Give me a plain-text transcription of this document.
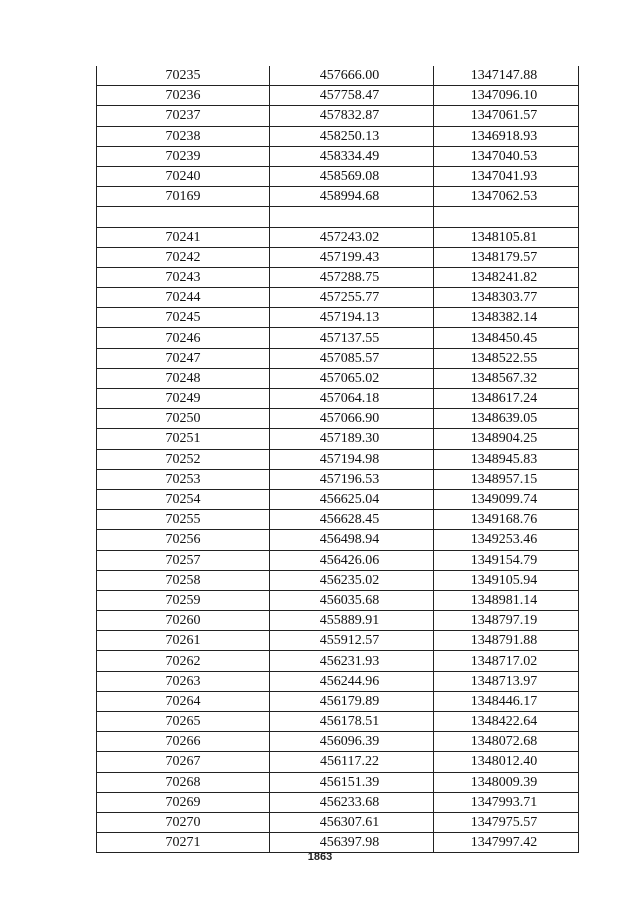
70235	457666.00	1347147.88
70236	457758.47	1347096.10
70237	457832.87	1347061.57
70238	458250.13	1346918.93
70239	458334.49	1347040.53
70240	458569.08	1347041.93
70169	458994.68	1347062.53

70241	457243.02	1348105.81
70242	457199.43	1348179.57
70243	457288.75	1348241.82
70244	457255.77	1348303.77
70245	457194.13	1348382.14
70246	457137.55	1348450.45
70247	457085.57	1348522.55
70248	457065.02	1348567.32
70249	457064.18	1348617.24
70250	457066.90	1348639.05
70251	457189.30	1348904.25
70252	457194.98	1348945.83
70253	457196.53	1348957.15
70254	456625.04	1349099.74
70255	456628.45	1349168.76
70256	456498.94	1349253.46
70257	456426.06	1349154.79
70258	456235.02	1349105.94
70259	456035.68	1348981.14
70260	455889.91	1348797.19
70261	455912.57	1348791.88
70262	456231.93	1348717.02
70263	456244.96	1348713.97
70264	456179.89	1348446.17
70265	456178.51	1348422.64
70266	456096.39	1348072.68
70267	456117.22	1348012.40
70268	456151.39	1348009.39
70269	456233.68	1347993.71
70270	456307.61	1347975.57
70271	456397.98	1347997.42
1863
